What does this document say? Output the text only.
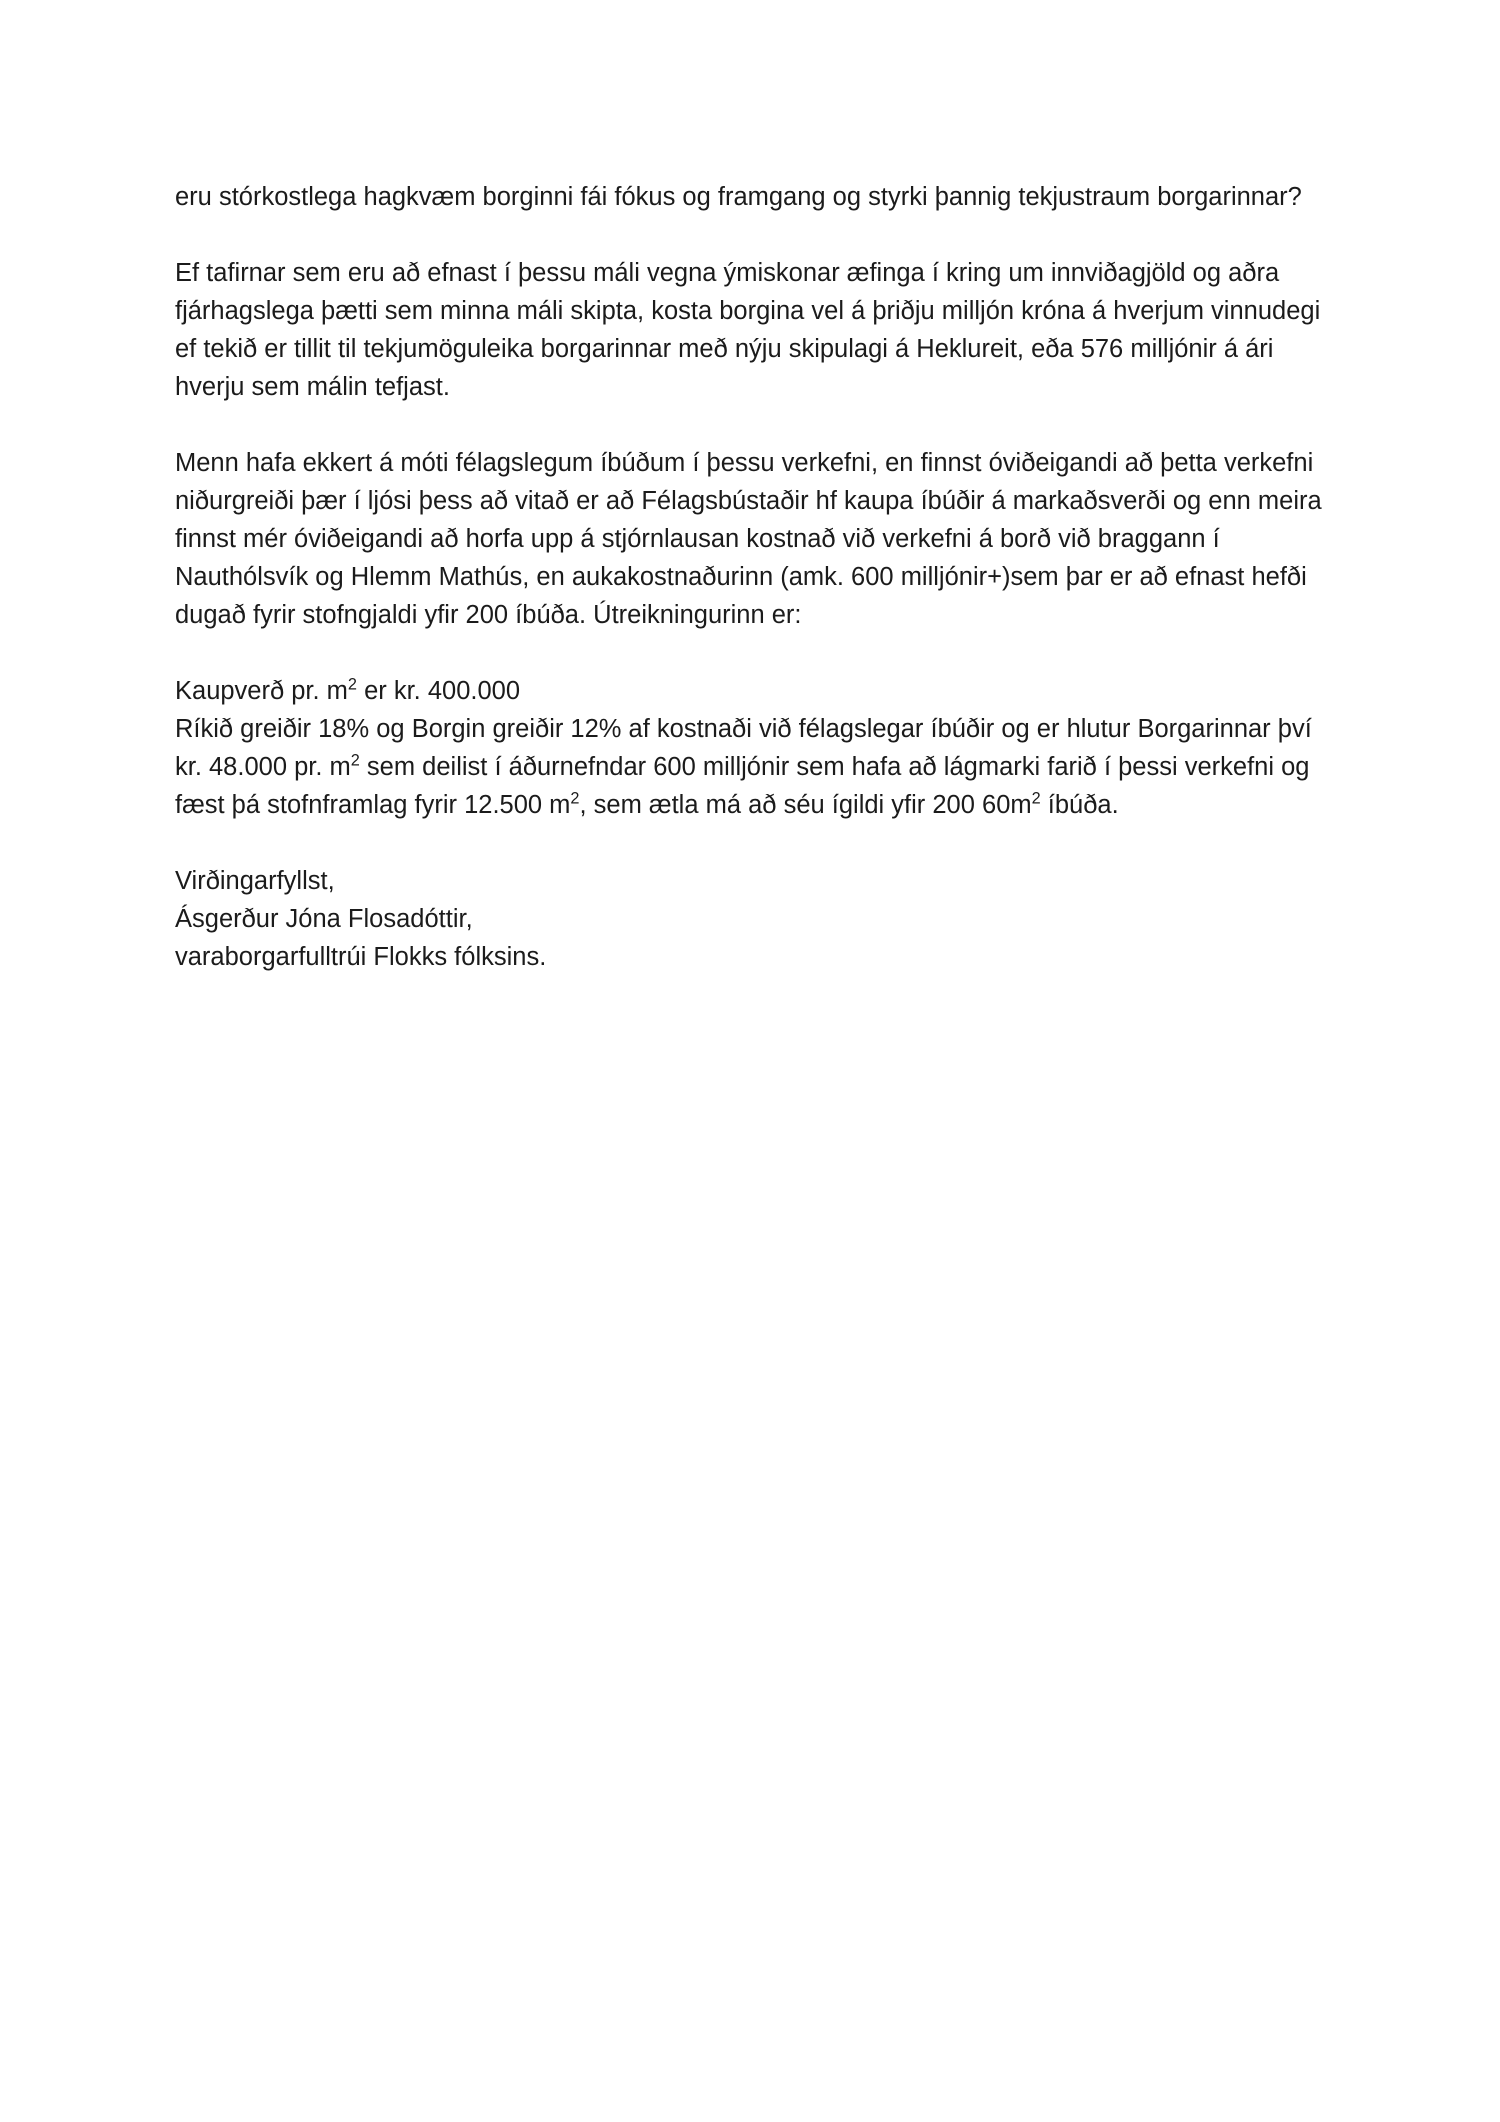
eru stórkostlega hagkvæm borginni fái fókus og framgang og styrki þannig tekjustraum borgarinnar?

Ef tafirnar sem eru að efnast í þessu máli vegna ýmiskonar æfinga í kring um innviðagjöld og aðra fjárhagslega þætti sem minna máli skipta, kosta borgina vel á þriðju milljón króna á hverjum vinnudegi ef tekið er tillit til tekjumöguleika borgarinnar með nýju skipulagi á Heklureit, eða 576 milljónir á ári hverju sem málin tefjast.

Menn hafa ekkert á móti félagslegum íbúðum í þessu verkefni, en finnst óviðeigandi að þetta verkefni niðurgreiði þær í ljósi þess að vitað er að Félagsbústaðir hf kaupa íbúðir á markaðsverði og enn meira finnst mér óviðeigandi að horfa upp á stjórnlausan kostnað við verkefni á borð við braggann í Nauthólsvík og Hlemm Mathús, en aukakostnaðurinn (amk. 600 milljónir+)sem þar er að efnast hefði dugað fyrir stofngjaldi yfir 200 íbúða. Útreikningurinn er:

Kaupverð pr. $m^2$ er kr. 400.000

Ríkið greiðir 18% og Borgin greiðir 12% af kostnaði við félagslegar íbúðir og er hlutur Borgarinnar því kr. 48.000 pr. $m^2$ sem deilist í áðurnefndar 600 milljónir sem hafa að lágmarki farið í þessi verkefni og fæst þá stofnframlag fyrir 12.500 $m^2$, sem ætla má að séu ígildi yfir 200 $60m^2$ íbúða.

Virðingarfyllst,

Ásgerður Jóna Flosadóttir,

varaborgarfulltrúi Flokks fólksins.
